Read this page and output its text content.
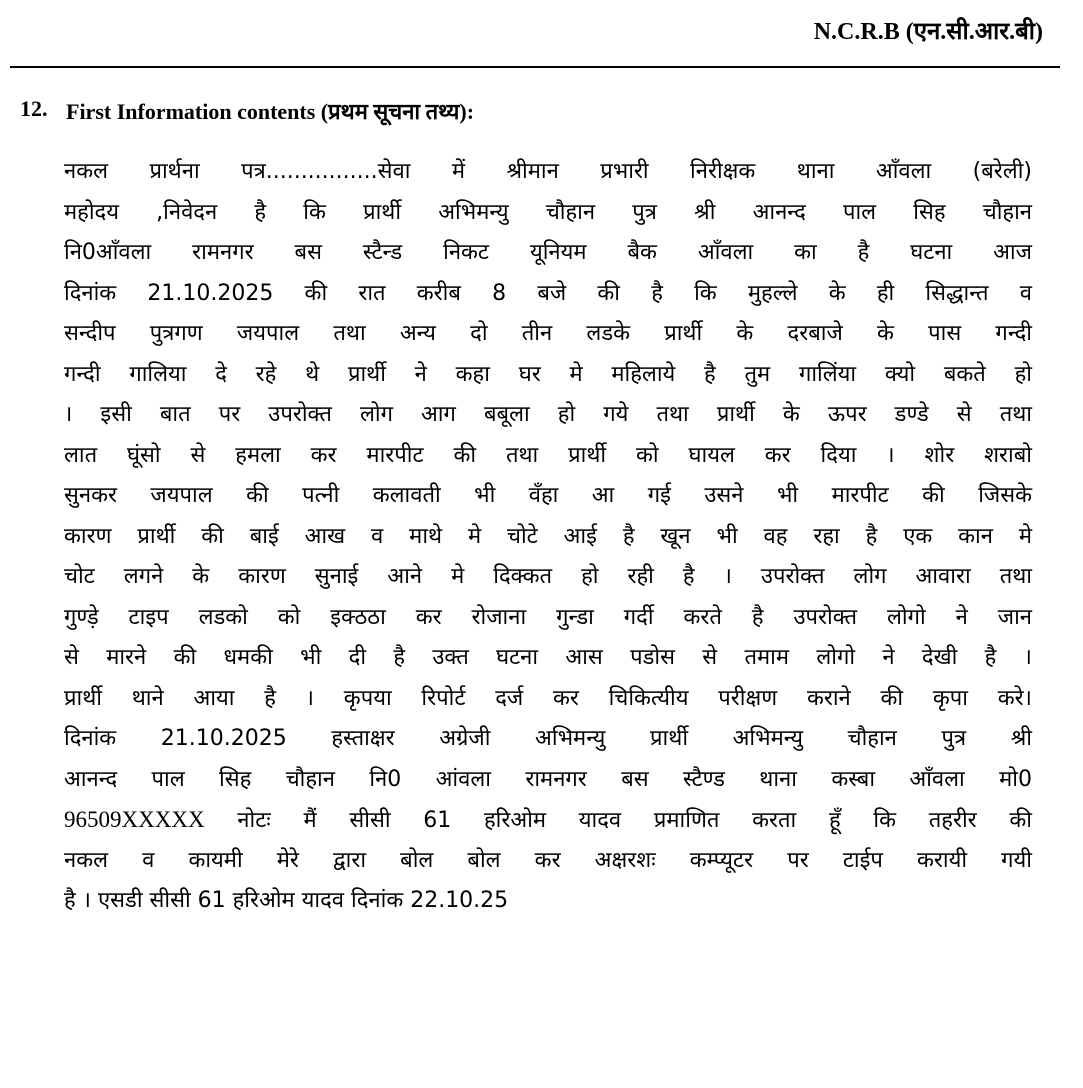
N.C.R.B (एन.सी.आर.बी)
12. First Information contents (प्रथम सूचना तथ्य):
नकल प्रार्थना पत्र................सेवा में श्रीमान प्रभारी निरीक्षक थाना आँवला (बरेली)
महोदय ,निवेदन है कि प्रार्थी अभिमन्यु चौहान पुत्र श्री आनन्द पाल सिह चौहान
नि0आँवला रामनगर बस स्टैन्ड निकट यूनियम बैक आँवला का है घटना आज
दिनांक 21.10.2025 की रात करीब 8 बजे की है कि मुहल्ले के ही सिद्धान्त व
सन्दीप पुत्रगण जयपाल तथा अन्य दो तीन लडके प्रार्थी के दरबाजे के पास गन्दी
गन्दी गालिया दे रहे थे प्रार्थी ने कहा घर मे महिलाये है तुम गालिंया क्यो बकते हो
। इसी बात पर उपरोक्त लोग आग बबूला हो गये तथा प्रार्थी के ऊपर डण्डे से तथा
लात घूंसो से हमला कर मारपीट की तथा प्रार्थी को घायल कर दिया । शोर शराबो
सुनकर जयपाल की पत्नी कलावती भी वँहा आ गई उसने भी मारपीट की जिसके
कारण प्रार्थी की बाई आख व माथे मे चोटे आई है खून भी वह रहा है एक कान मे
चोट लगने के कारण सुनाई आने मे दिक्कत हो रही है । उपरोक्त लोग आवारा तथा
गुण्ड़े टाइप लडको को इक्ठठा कर रोजाना गुन्डा गर्दी करते है उपरोक्त लोगो ने जान
से मारने की धमकी भी दी है उक्त घटना आस पडोस से तमाम लोगो ने देखी है ।
प्रार्थी थाने आया है । कृपया रिपोर्ट दर्ज कर चिकित्यीय परीक्षण कराने की कृपा करे।
दिनांक 21.10.2025 हस्ताक्षर अग्रेजी अभिमन्यु प्रार्थी अभिमन्यु चौहान पुत्र श्री
आनन्द पाल सिह चौहान नि0 आंवला रामनगर बस स्टैण्ड थाना कस्बा आँवला मो0
96509XXXXX नोटः मैं सीसी 61 हरिओम यादव प्रमाणित करता हूँ कि तहरीर की
नकल व कायमी मेरे द्वारा बोल बोल कर अक्षरशः कम्प्यूटर पर टाईप करायी गयी
है । एसडी सीसी 61 हरिओम यादव दिनांक 22.10.25
